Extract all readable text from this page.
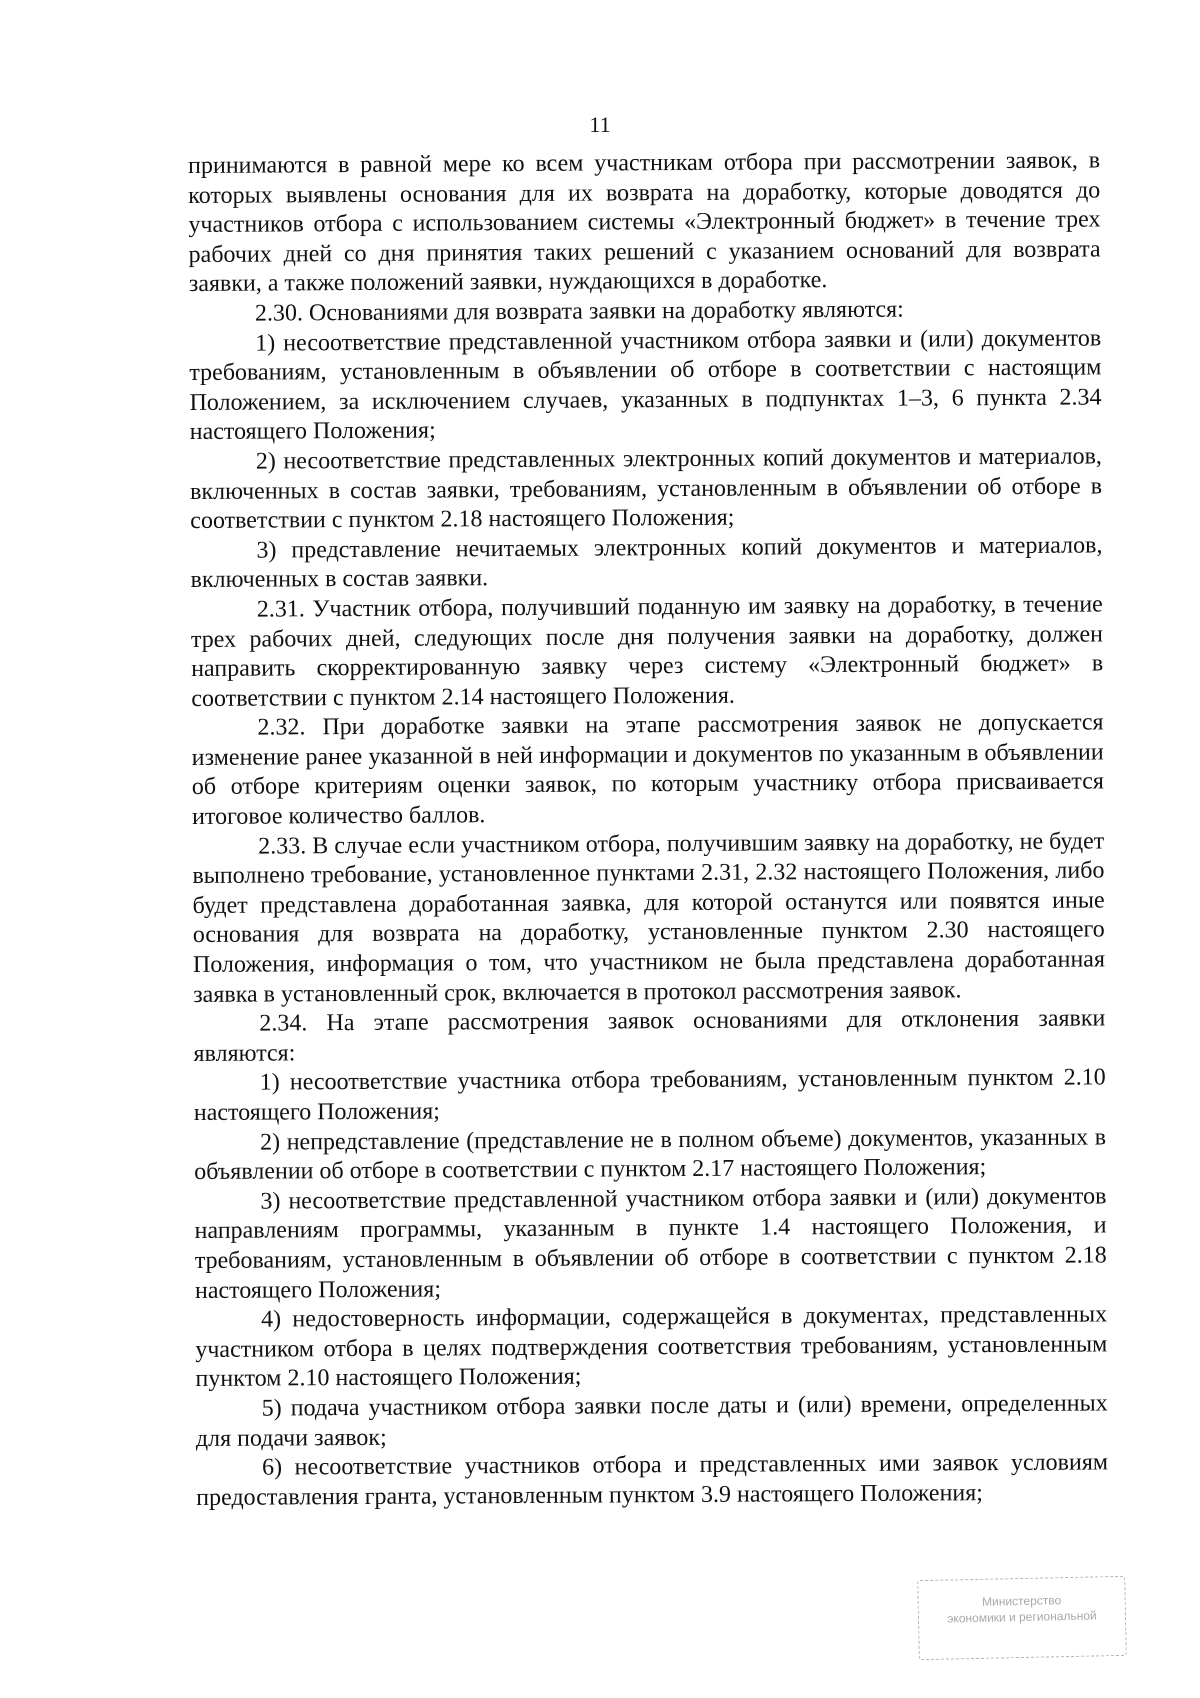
11

принимаются в равной мере ко всем участникам отбора при рассмотрении заявок, в которых выявлены основания для их возврата на доработку, которые доводятся до участников отбора с использованием системы «Электронный бюджет» в течение трех рабочих дней со дня принятия таких решений с указанием оснований для возврата заявки, а также положений заявки, нуждающихся в доработке.

2.30. Основаниями для возврата заявки на доработку являются:

1) несоответствие представленной участником отбора заявки и (или) документов требованиям, установленным в объявлении об отборе в соответствии с настоящим Положением, за исключением случаев, указанных в подпунктах 1–3, 6 пункта 2.34 настоящего Положения;

2) несоответствие представленных электронных копий документов и материалов, включенных в состав заявки, требованиям, установленным в объявлении об отборе в соответствии с пунктом 2.18 настоящего Положения;

3) представление нечитаемых электронных копий документов и материалов, включенных в состав заявки.

2.31. Участник отбора, получивший поданную им заявку на доработку, в течение трех рабочих дней, следующих после дня получения заявки на доработку, должен направить скорректированную заявку через систему «Электронный бюджет» в соответствии с пунктом 2.14 настоящего Положения.

2.32. При доработке заявки на этапе рассмотрения заявок не допускается изменение ранее указанной в ней информации и документов по указанным в объявлении об отборе критериям оценки заявок, по которым участнику отбора присваивается итоговое количество баллов.

2.33. В случае если участником отбора, получившим заявку на доработку, не будет выполнено требование, установленное пунктами 2.31, 2.32 настоящего Положения, либо будет представлена доработанная заявка, для которой останутся или появятся иные основания для возврата на доработку, установленные пунктом 2.30 настоящего Положения, информация о том, что участником не была представлена доработанная заявка в установленный срок, включается в протокол рассмотрения заявок.

2.34. На этапе рассмотрения заявок основаниями для отклонения заявки являются:

1) несоответствие участника отбора требованиям, установленным пунктом 2.10 настоящего Положения;

2) непредставление (представление не в полном объеме) документов, указанных в объявлении об отборе в соответствии с пунктом 2.17 настоящего Положения;

3) несоответствие представленной участником отбора заявки и (или) документов направлениям программы, указанным в пункте 1.4 настоящего Положения, и требованиям, установленным в объявлении об отборе в соответствии с пунктом 2.18 настоящего Положения;

4) недостоверность информации, содержащейся в документах, представленных участником отбора в целях подтверждения соответствия требованиям, установленным пунктом 2.10 настоящего Положения;

5) подача участником отбора заявки после даты и (или) времени, определенных для подачи заявок;

6) несоответствие участников отбора и представленных ими заявок условиям предоставления гранта, установленным пунктом 3.9 настоящего Положения;

Министерство
экономики и региональной
